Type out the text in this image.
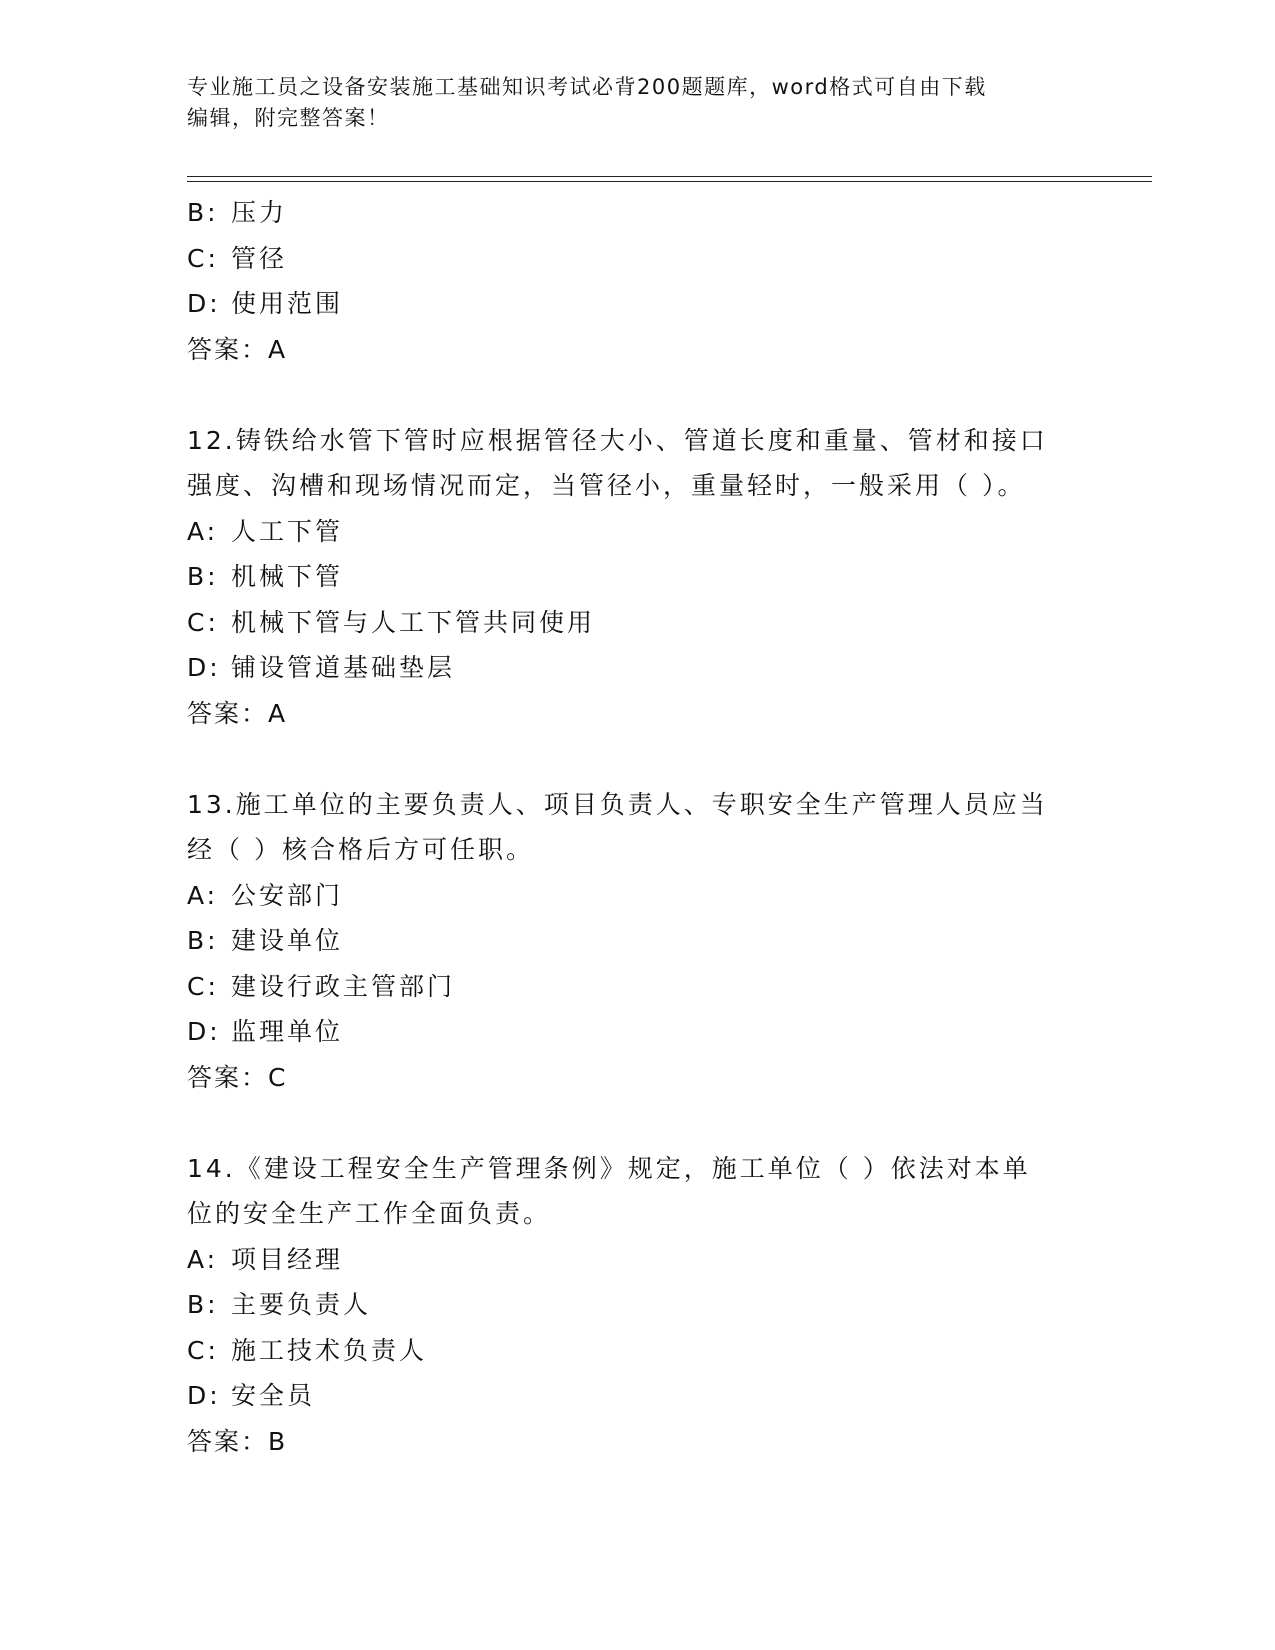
专业施工员之设备安装施工基础知识考试必背200题题库，word格式可自由下载
编辑，附完整答案！
B: 压力
C: 管径
D: 使用范围
答案：A
12.铸铁给水管下管时应根据管径大小、管道长度和重量、管材和接口
强度、沟槽和现场情况而定，当管径小，重量轻时，一般采用（ ）。
A: 人工下管
B: 机械下管
C: 机械下管与人工下管共同使用
D: 铺设管道基础垫层
答案：A
13.施工单位的主要负责人、项目负责人、专职安全生产管理人员应当
经（ ）核合格后方可任职。
A: 公安部门
B: 建设单位
C: 建设行政主管部门
D: 监理单位
答案：C
14.《建设工程安全生产管理条例》规定，施工单位（ ）依法对本单
位的安全生产工作全面负责。
A: 项目经理
B: 主要负责人
C: 施工技术负责人
D: 安全员
答案：B
